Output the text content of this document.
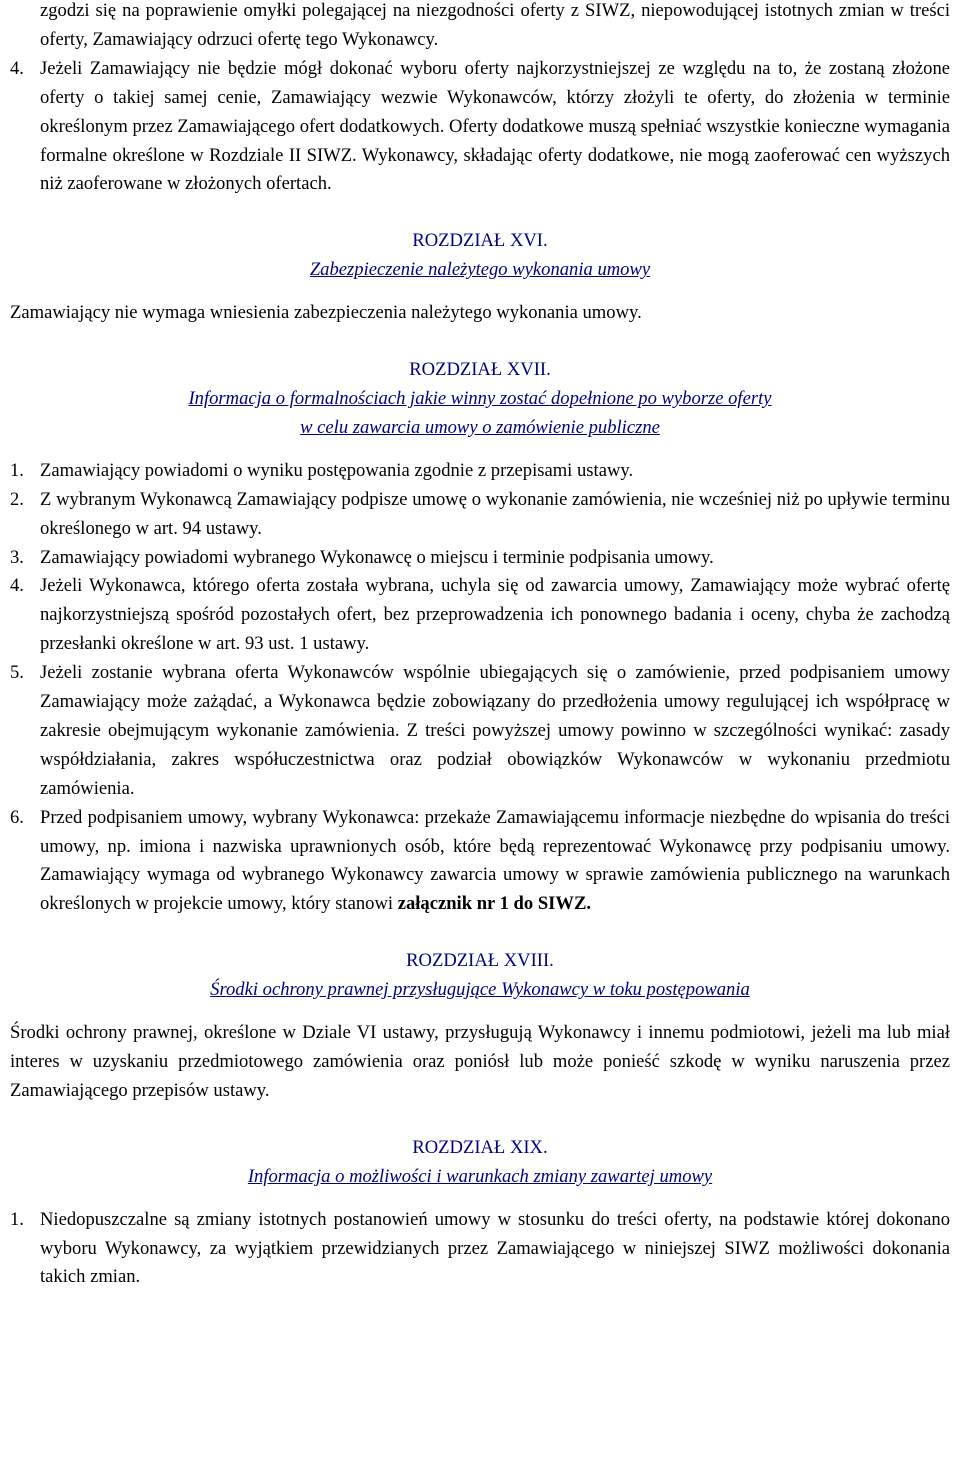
zgodzi się na poprawienie omyłki polegającej na niezgodności oferty z SIWZ, niepowodującej istotnych zmian w treści oferty, Zamawiający odrzuci ofertę tego Wykonawcy.

4. Jeżeli Zamawiający nie będzie mógł dokonać wyboru oferty najkorzystniejszej ze względu na to, że zostaną złożone oferty o takiej samej cenie, Zamawiający wezwie Wykonawców, którzy złożyli te oferty, do złożenia w terminie określonym przez Zamawiającego ofert dodatkowych. Oferty dodatkowe muszą spełniać wszystkie konieczne wymagania formalne określone w Rozdziale II SIWZ. Wykonawcy, składając oferty dodatkowe, nie mogą zaoferować cen wyższych niż zaoferowane w złożonych ofertach.

ROZDZIAŁ XVI.

Zabezpieczenie należytego wykonania umowy

Zamawiający nie wymaga wniesienia zabezpieczenia należytego wykonania umowy.

ROZDZIAŁ XVII.

Informacja o formalnościach jakie winny zostać dopełnione po wyborze oferty

w celu zawarcia umowy o zamówienie publiczne

1. Zamawiający powiadomi o wyniku postępowania zgodnie z przepisami ustawy.
2. Z wybranym Wykonawcą Zamawiający podpisze umowę o wykonanie zamówienia, nie wcześniej niż po upływie terminu określonego w art. 94 ustawy.
3. Zamawiający powiadomi wybranego Wykonawcę o miejscu i terminie podpisania umowy.
4. Jeżeli Wykonawca, którego oferta została wybrana, uchyla się od zawarcia umowy, Zamawiający może wybrać ofertę najkorzystniejszą spośród pozostałych ofert, bez przeprowadzenia ich ponownego badania i oceny, chyba że zachodzą przesłanki określone w art. 93 ust. 1 ustawy.
5. Jeżeli zostanie wybrana oferta Wykonawców wspólnie ubiegających się o zamówienie, przed podpisaniem umowy Zamawiający może zażądać, a Wykonawca będzie zobowiązany do przedłożenia umowy regulującej ich współpracę w zakresie obejmującym wykonanie zamówienia. Z treści powyższej umowy powinno w szczególności wynikać: zasady współdziałania, zakres współuczestnictwa oraz podział obowiązków Wykonawców w wykonaniu przedmiotu zamówienia.
6. Przed podpisaniem umowy, wybrany Wykonawca: przekaże Zamawiającemu informacje niezbędne do wpisania do treści umowy, np. imiona i nazwiska uprawnionych osób, które będą reprezentować Wykonawcę przy podpisaniu umowy. Zamawiający wymaga od wybranego Wykonawcy zawarcia umowy w sprawie zamówienia publicznego na warunkach określonych w projekcie umowy, który stanowi załącznik nr 1 do SIWZ.

ROZDZIAŁ XVIII.

Środki ochrony prawnej przysługujące Wykonawcy w toku postępowania

Środki ochrony prawnej, określone w Dziale VI ustawy, przysługują Wykonawcy i innemu podmiotowi, jeżeli ma lub miał interes w uzyskaniu przedmiotowego zamówienia oraz poniósł lub może ponieść szkodę w wyniku naruszenia przez Zamawiającego przepisów ustawy.

ROZDZIAŁ XIX.

Informacja o możliwości i warunkach zmiany zawartej umowy

1. Niedopuszczalne są zmiany istotnych postanowień umowy w stosunku do treści oferty, na podstawie której dokonano wyboru Wykonawcy, za wyjątkiem przewidzianych przez Zamawiającego w niniejszej SIWZ możliwości dokonania takich zmian.
